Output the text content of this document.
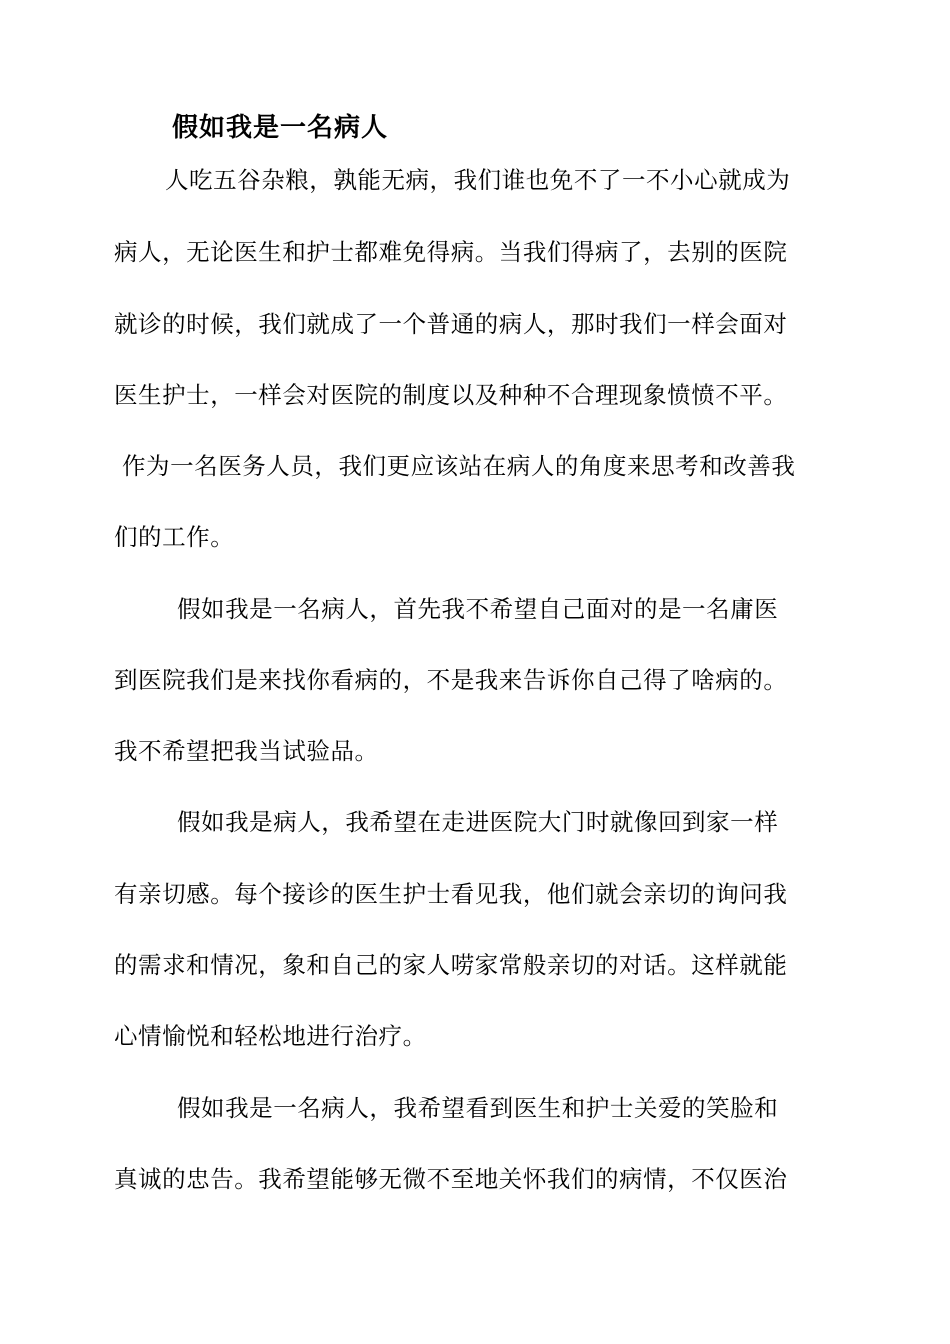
假如我是一名病人
人吃五谷杂粮，孰能无病，我们谁也免不了一不小心就成为
病人，无论医生和护士都难免得病。当我们得病了，去别的医院
就诊的时候，我们就成了一个普通的病人，那时我们一样会面对
医生护士，一样会对医院的制度以及种种不合理现象愤愤不平。
作为一名医务人员，我们更应该站在病人的角度来思考和改善我
们的工作。
假如我是一名病人，首先我不希望自己面对的是一名庸医
到医院我们是来找你看病的，不是我来告诉你自己得了啥病的。
我不希望把我当试验品。
假如我是病人，我希望在走进医院大门时就像回到家一样
有亲切感。每个接诊的医生护士看见我，他们就会亲切的询问我
的需求和情况，象和自己的家人唠家常般亲切的对话。这样就能
心情愉悦和轻松地进行治疗。
假如我是一名病人，我希望看到医生和护士关爱的笑脸和
真诚的忠告。我希望能够无微不至地关怀我们的病情，不仅医治
